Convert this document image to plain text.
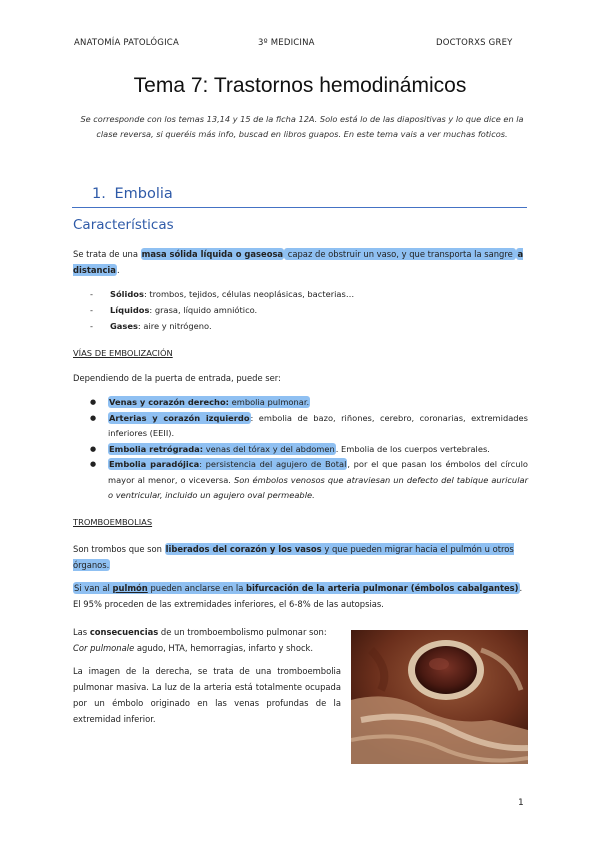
ANATOMÍA PATOLÓGICA	3º MEDICINA	DOCTORXS GREY
Tema 7: Trastornos hemodinámicos
Se corresponde con los temas 13,14 y 15 de la ficha 12A. Solo está lo de las diapositivas y lo que dice en la clase reversa, si queréis más info, buscad en libros guapos. En este tema vais a ver muchas foticos.
1. Embolia
Características
Se trata de una masa sólida líquida o gaseosa capaz de obstruir un vaso, y que transporta la sangre a distancia.
- Sólidos: trombos, tejidos, células neoplásicas, bacterias…
- Líquidos: grasa, líquido amniótico.
- Gases: aire y nitrógeno.
VÍAS DE EMBOLIZACIÓN
Dependiendo de la puerta de entrada, puede ser:
● Venas y corazón derecho: embolia pulmonar.
● Arterias y corazón izquierdo: embolia de bazo, riñones, cerebro, coronarias, extremidades inferiores (EEII).
● Embolia retrógrada: venas del tórax y del abdomen. Embolia de los cuerpos vertebrales.
● Embolia paradójica: persistencia del agujero de Botal, por el que pasan los émbolos del círculo mayor al menor, o viceversa. Son émbolos venosos que atraviesan un defecto del tabique auricular o ventricular, incluido un agujero oval permeable.
TROMBOEMBOLIAS
Son trombos que son liberados del corazón y los vasos y que pueden migrar hacia el pulmón u otros órganos.
Si van al pulmón pueden anclarse en la bifurcación de la arteria pulmonar (émbolos cabalgantes). El 95% proceden de las extremidades inferiores, el 6-8% de las autopsias.
Las consecuencias de un tromboembolismo pulmonar son:
Cor pulmonale agudo, HTA, hemorragias, infarto y shock.
La imagen de la derecha, se trata de una tromboembolia pulmonar masiva. La luz de la arteria está totalmente ocupada por un émbolo originado en las venas profundas de la extremidad inferior.
1
